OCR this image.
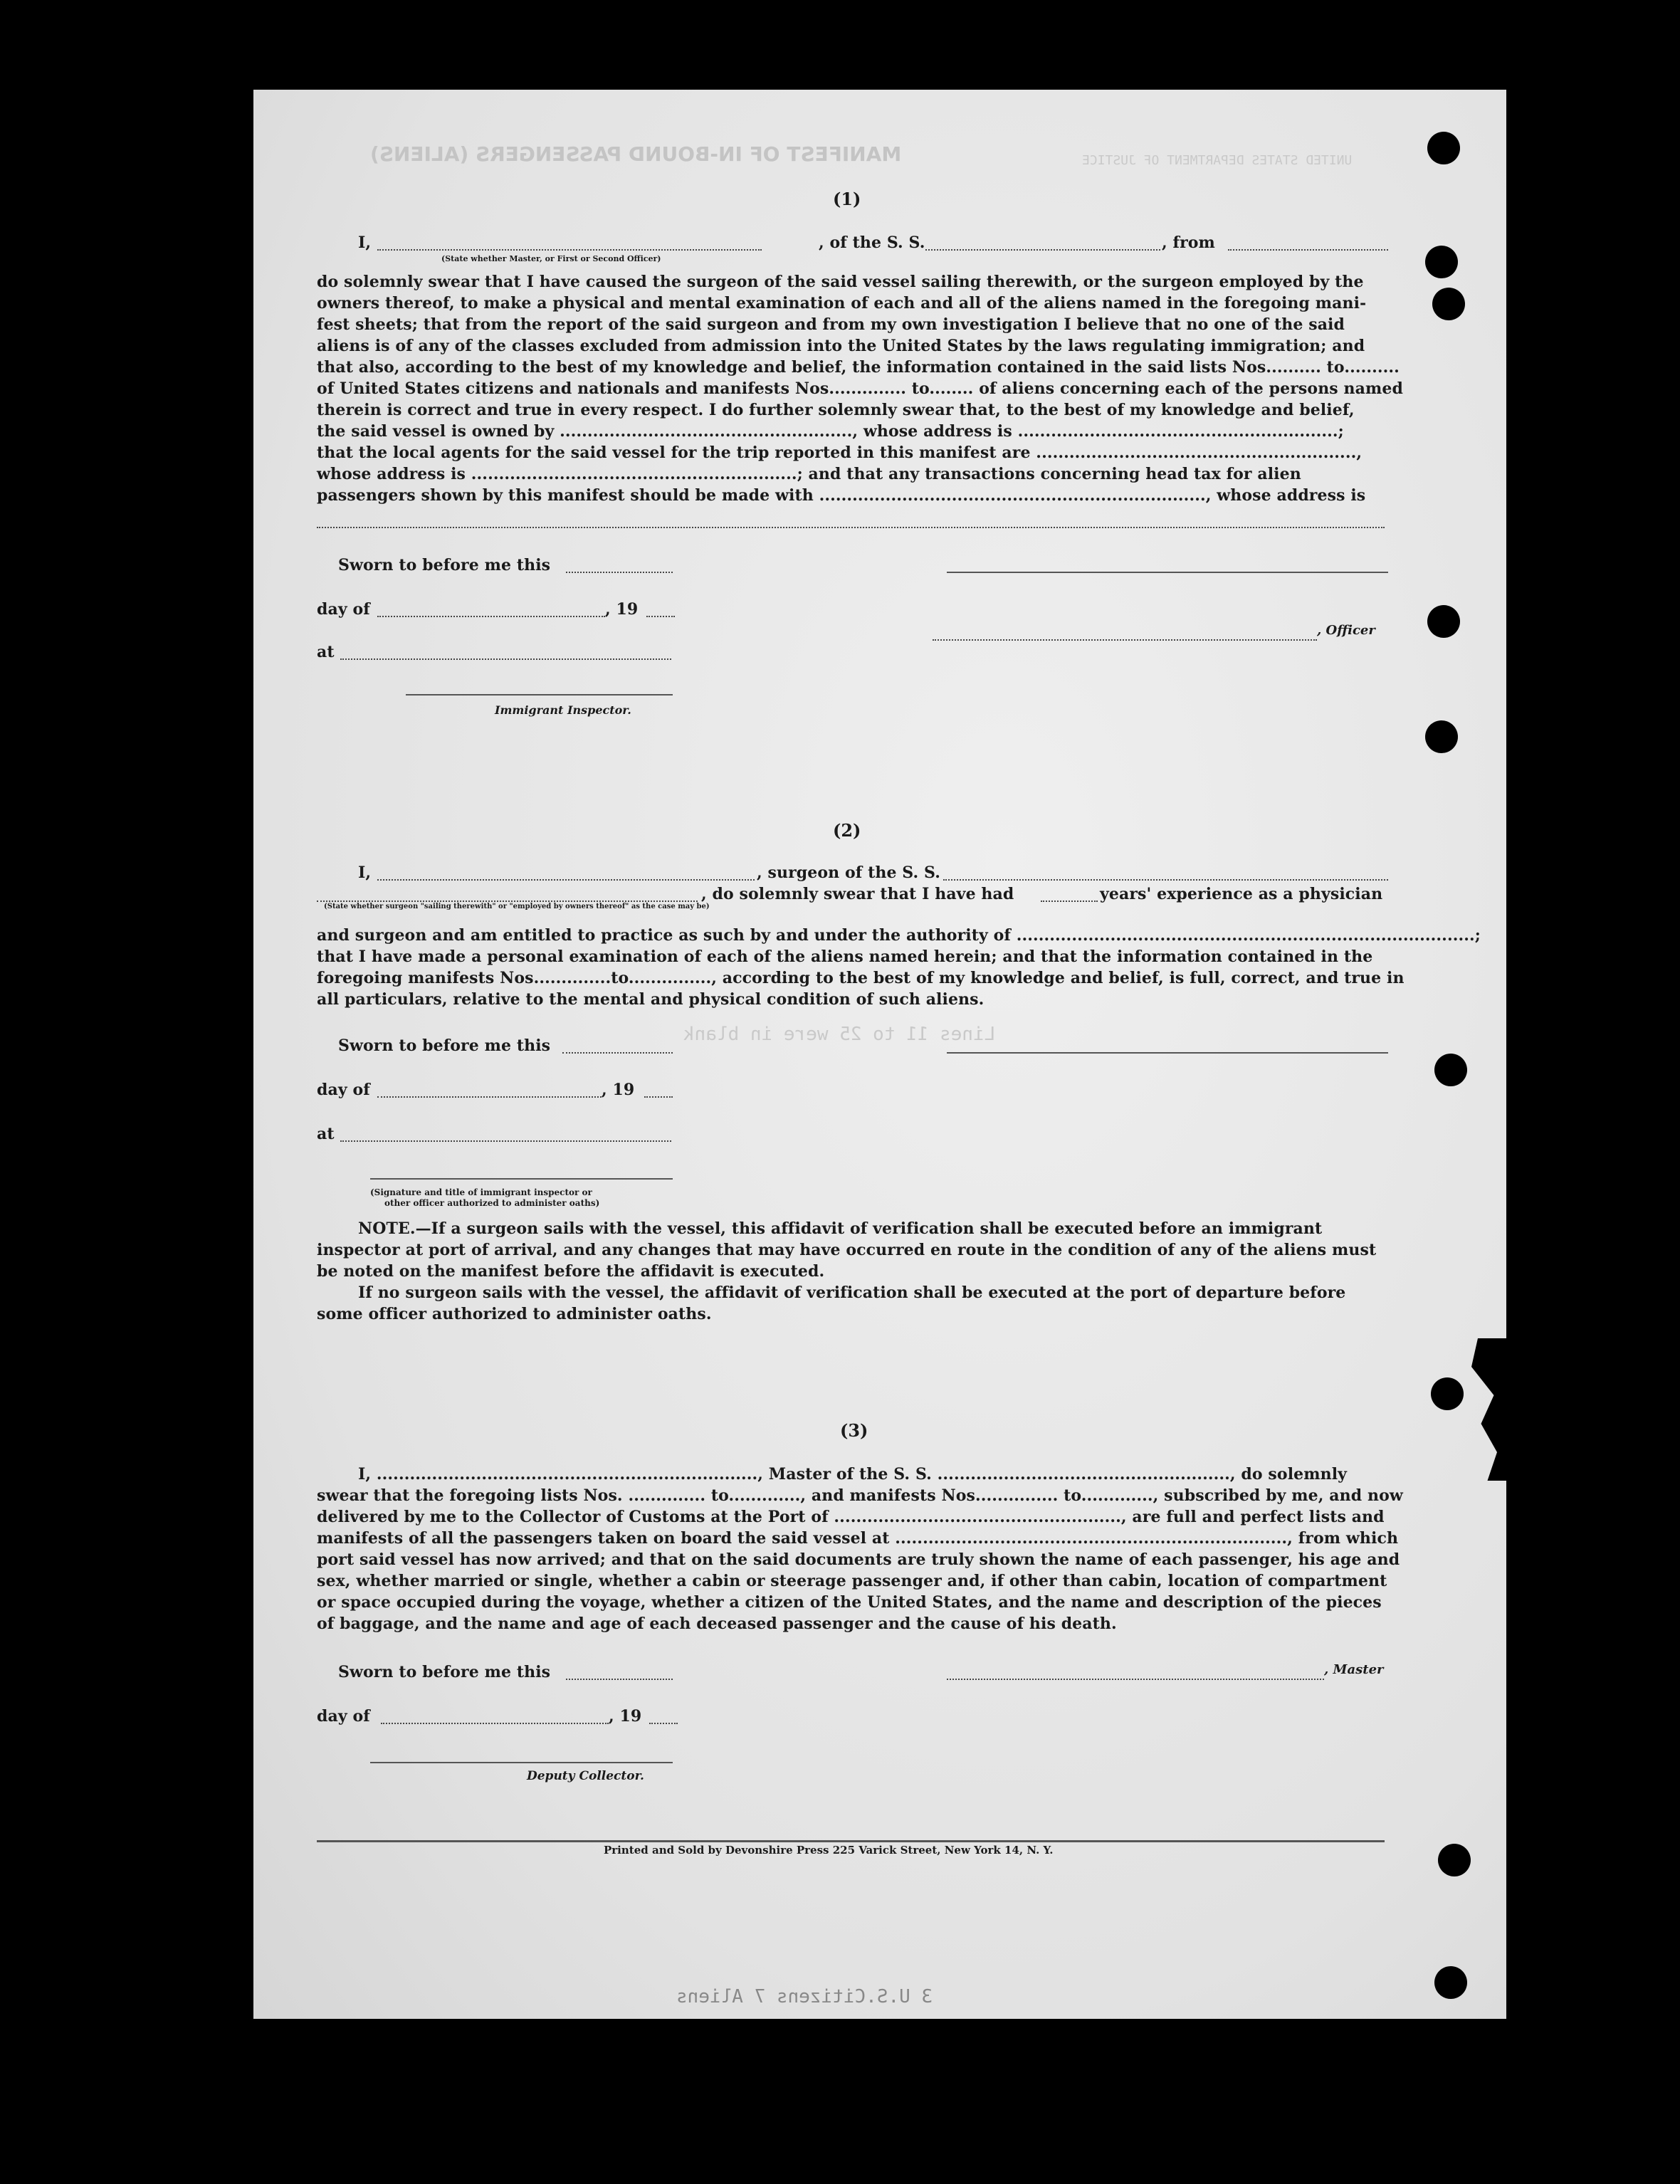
MANIFEST OF IN-BOUND PASSENGERS (ALIENS)	UNITED STATES DEPARTMENT OF JUSTICE
Lines 11 to 25 were in blank
3 U.S.Citizens 7 Aliens
(1)
I,
(State whether Master, or First or Second Officer)
, of the S. S.	, from
do solemnly swear that I have caused the surgeon of the said vessel sailing therewith, or the surgeon employed by the
owners thereof, to make a physical and mental examination of each and all of the aliens named in the foregoing mani-
fest sheets; that from the report of the said surgeon and from my own investigation I believe that no one of the said
aliens is of any of the classes excluded from admission into the United States by the laws regulating immigration; and
that also, according to the best of my knowledge and belief, the information contained in the said lists Nos.......... to..........
of United States citizens and nationals and manifests Nos.............. to........ of aliens concerning each of the persons named
therein is correct and true in every respect. I do further solemnly swear that, to the best of my knowledge and belief,
the said vessel is owned by ....................................................., whose address is ..........................................................;
that the local agents for the said vessel for the trip reported in this manifest are ..........................................................,
whose address is ...........................................................; and that any transactions concerning head tax for alien
passengers shown by this manifest should be made with ......................................................................, whose address is
Sworn to before me this
day of	, 19
, Officer
at
Immigrant Inspector.
(2)
I,	, surgeon of the S. S.
, do solemnly swear that I have had	years' experience as a physician
(State whether surgeon "sailing therewith" or "employed by owners thereof" as the case may be)
and surgeon and am entitled to practice as such by and under the authority of ...................................................................................;
that I have made a personal examination of each of the aliens named herein; and that the information contained in the
foregoing manifests Nos..............to..............., according to the best of my knowledge and belief, is full, correct, and true in
all particulars, relative to the mental and physical condition of such aliens.
Sworn to before me this
day of	, 19
at
(Signature and title of immigrant inspector or
other officer authorized to administer oaths)
NOTE.—If a surgeon sails with the vessel, this affidavit of verification shall be executed before an immigrant
inspector at port of arrival, and any changes that may have occurred en route in the condition of any of the aliens must
be noted on the manifest before the affidavit is executed.
If no surgeon sails with the vessel, the affidavit of verification shall be executed at the port of departure before
some officer authorized to administer oaths.
(3)
I, ....................................................................., Master of the S. S. ....................................................., do solemnly
swear that the foregoing lists Nos. .............. to............., and manifests Nos............... to............., subscribed by me, and now
delivered by me to the Collector of Customs at the Port of ...................................................., are full and perfect lists and
manifests of all the passengers taken on board the said vessel at ......................................................................., from which
port said vessel has now arrived; and that on the said documents are truly shown the name of each passenger, his age and
sex, whether married or single, whether a cabin or steerage passenger and, if other than cabin, location of compartment
or space occupied during the voyage, whether a citizen of the United States, and the name and description of the pieces
of baggage, and the name and age of each deceased passenger and the cause of his death.
Sworn to before me this	, Master
day of	, 19
Deputy Collector.
Printed and Sold by Devonshire Press 225 Varick Street, New York 14, N. Y.
